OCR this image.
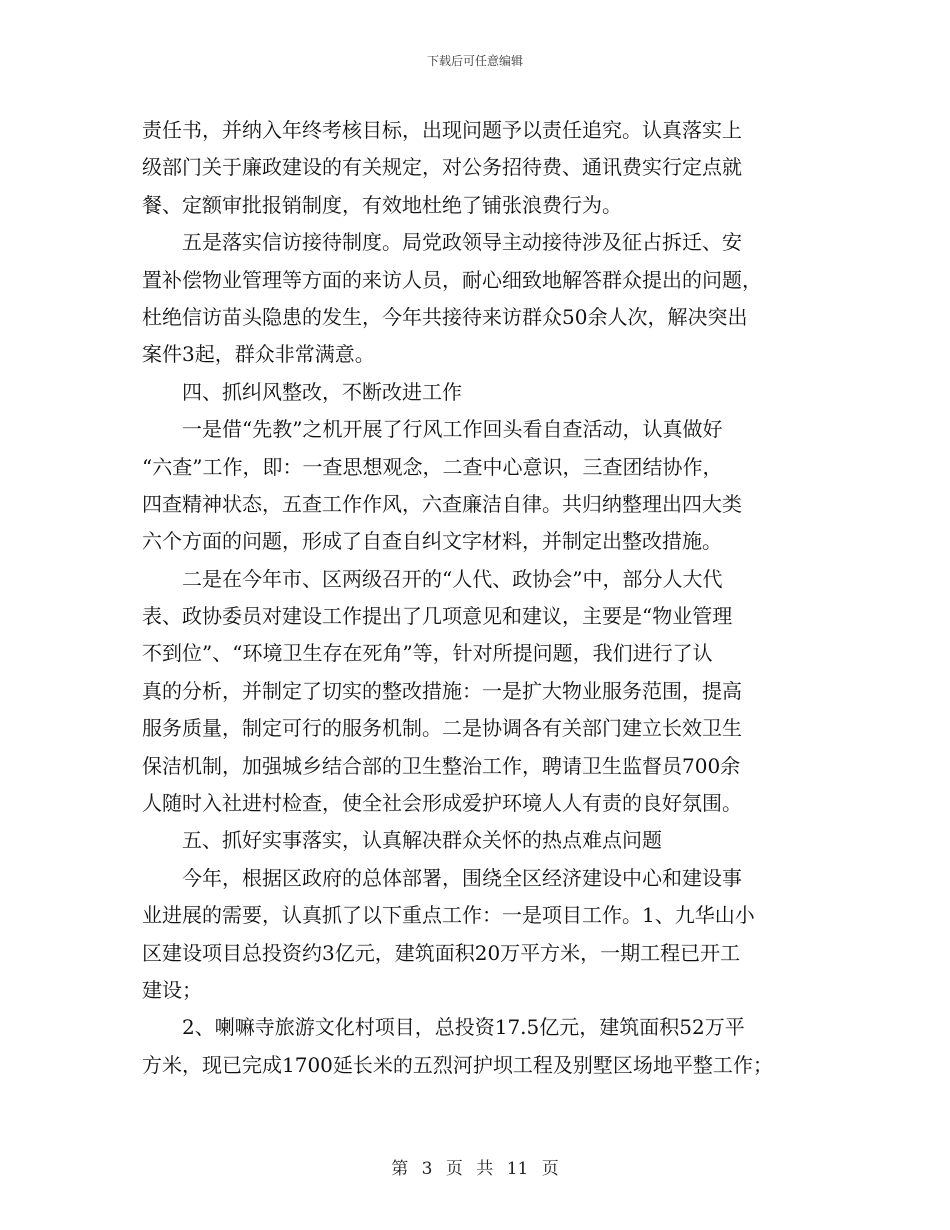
下载后可任意编辑
责任书，并纳入年终考核目标，出现问题予以责任追究。认真落实上
级部门关于廉政建设的有关规定，对公务招待费、通讯费实行定点就
餐、定额审批报销制度，有效地杜绝了铺张浪费行为。
　　五是落实信访接待制度。局党政领导主动接待涉及征占拆迁、安
置补偿物业管理等方面的来访人员，耐心细致地解答群众提出的问题，
杜绝信访苗头隐患的发生，今年共接待来访群众50余人次，解决突出
案件3起，群众非常满意。
　　四、抓纠风整改，不断改进工作
　　一是借“先教”之机开展了行风工作回头看自查活动，认真做好
“六查”工作，即：一查思想观念，二查中心意识，三查团结协作，
四查精神状态，五查工作作风，六查廉洁自律。共归纳整理出四大类
六个方面的问题，形成了自查自纠文字材料，并制定出整改措施。
　　二是在今年市、区两级召开的“人代、政协会”中，部分人大代
表、政协委员对建设工作提出了几项意见和建议，主要是“物业管理
不到位”、“环境卫生存在死角”等，针对所提问题，我们进行了认
真的分析，并制定了切实的整改措施：一是扩大物业服务范围，提高
服务质量，制定可行的服务机制。二是协调各有关部门建立长效卫生
保洁机制，加强城乡结合部的卫生整治工作，聘请卫生监督员700余
人随时入社进村检查，使全社会形成爱护环境人人有责的良好氛围。
　　五、抓好实事落实，认真解决群众关怀的热点难点问题
　　今年，根据区政府的总体部署，围绕全区经济建设中心和建设事
业进展的需要，认真抓了以下重点工作：一是项目工作。1、九华山小
区建设项目总投资约3亿元，建筑面积20万平方米，一期工程已开工
建设；
　　2、喇嘛寺旅游文化村项目，总投资17.5亿元，建筑面积52万平
方米，现已完成1700延长米的五烈河护坝工程及别墅区场地平整工作；
第 3 页 共 11 页
